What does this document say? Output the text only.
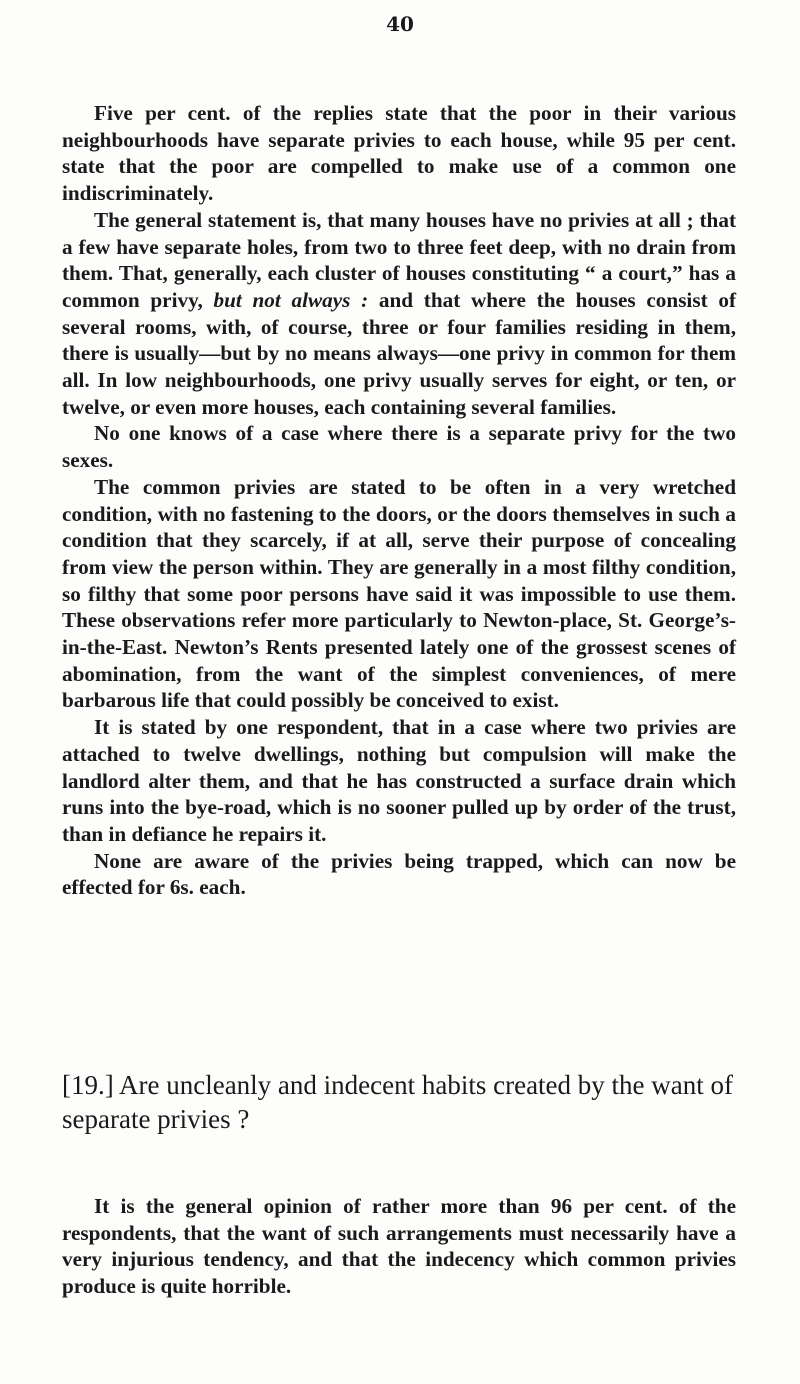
40

Five per cent. of the replies state that the poor in their various neighbourhoods have separate privies to each house, while 95 per cent. state that the poor are compelled to make use of a common one indiscriminately.

The general statement is, that many houses have no privies at all ; that a few have separate holes, from two to three feet deep, with no drain from them. That, generally, each cluster of houses constituting “ a court,” has a common privy, but not always : and that where the houses consist of several rooms, with, of course, three or four families residing in them, there is usually—but by no means always—one privy in common for them all. In low neighbourhoods, one privy usually serves for eight, or ten, or twelve, or even more houses, each containing several families.

No one knows of a case where there is a separate privy for the two sexes.

The common privies are stated to be often in a very wretched condition, with no fastening to the doors, or the doors themselves in such a condition that they scarcely, if at all, serve their purpose of concealing from view the person within. They are generally in a most filthy condition, so filthy that some poor persons have said it was impossible to use them. These observations refer more particularly to Newton-place, St. George’s-in-the-East. Newton’s Rents presented lately one of the grossest scenes of abomination, from the want of the simplest conveniences, of mere barbarous life that could possibly be conceived to exist.

It is stated by one respondent, that in a case where two privies are attached to twelve dwellings, nothing but compulsion will make the landlord alter them, and that he has constructed a surface drain which runs into the bye-road, which is no sooner pulled up by order of the trust, than in defiance he repairs it.

None are aware of the privies being trapped, which can now be effected for 6s. each.

[19.] Are uncleanly and indecent habits created by the want of separate privies ?

It is the general opinion of rather more than 96 per cent. of the respondents, that the want of such arrangements must necessarily have a very injurious tendency, and that the indecency which common privies produce is quite horrible.
